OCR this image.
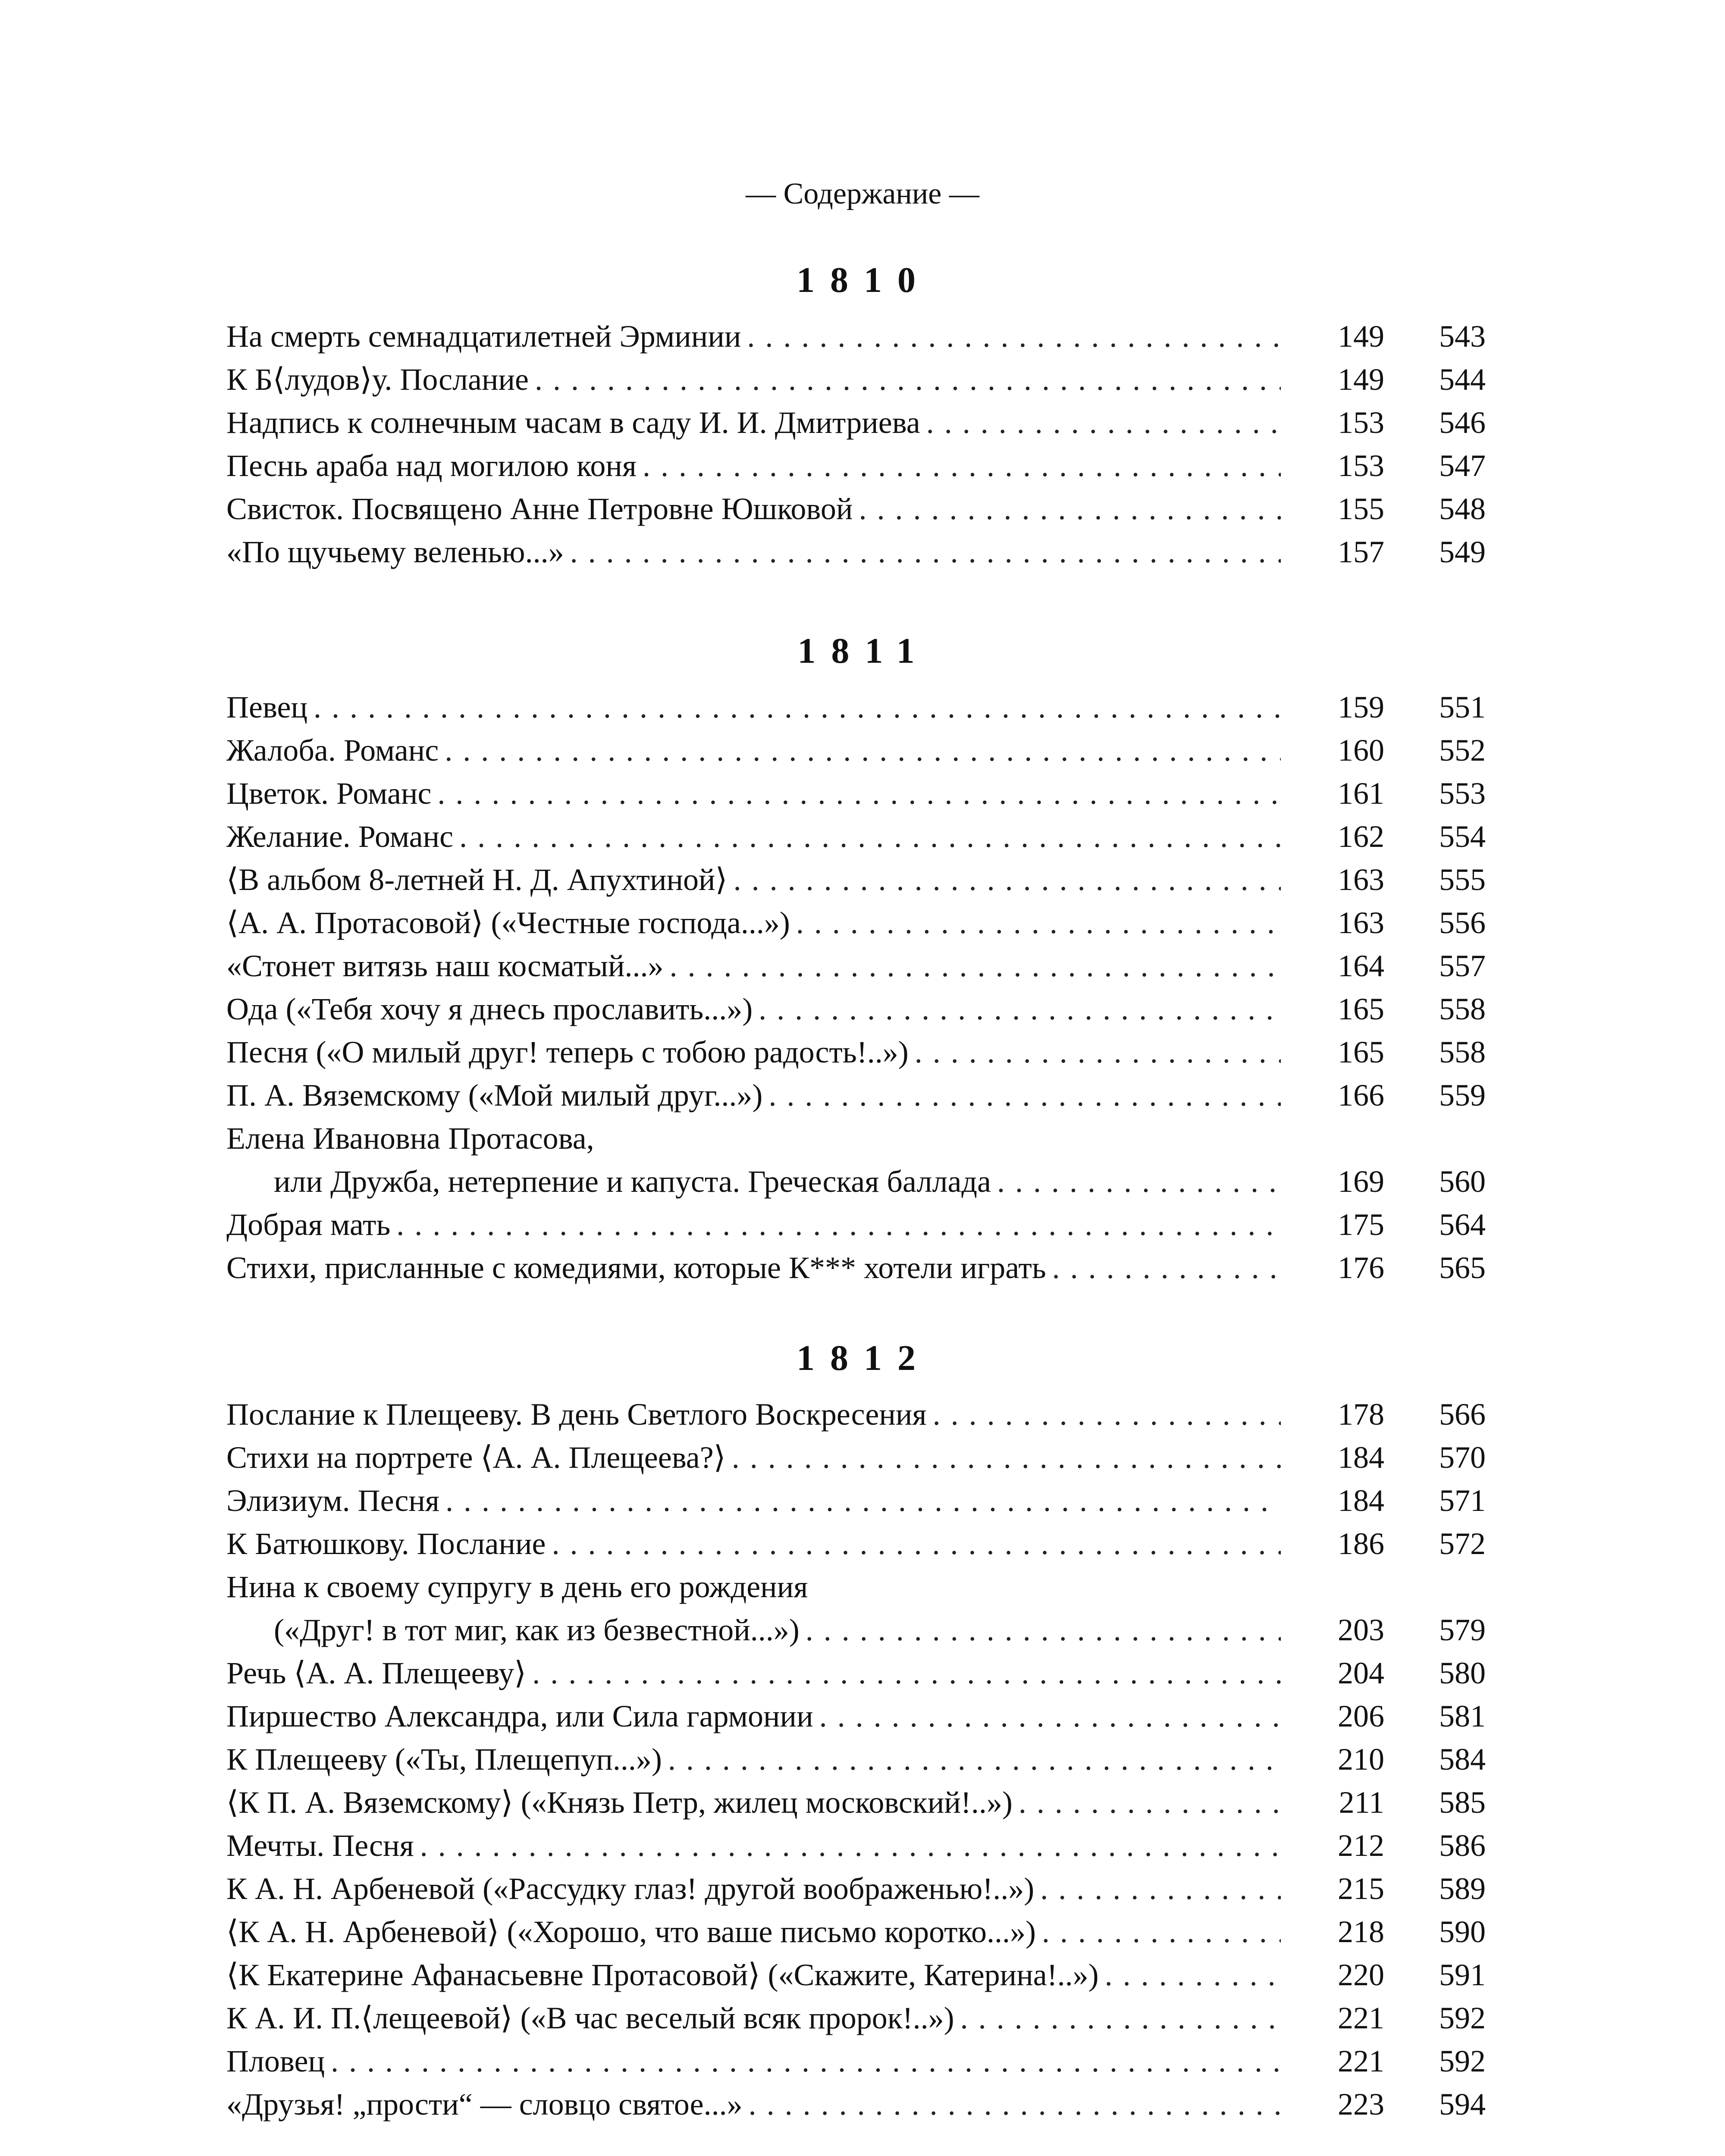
— Содержание —
1810
На смерть семнадцатилетней Эрминии . . .	149	543
К Б⟨лудов⟩у. Послание . . .	149	544
Надпись к солнечным часам в саду И. И. Дмитриева . . .	153	546
Песнь араба над могилою коня . . .	153	547
Свисток. Посвящено Анне Петровне Юшковой . . .	155	548
«По щучьему веленью...» . . .	157	549
1811
Певец . . .	159	551
Жалоба. Романс . . .	160	552
Цветок. Романс . . .	161	553
Желание. Романс . . .	162	554
⟨В альбом 8-летней Н. Д. Апухтиной⟩ . . .	163	555
⟨А. А. Протасовой⟩ («Честные господа...») . . .	163	556
«Стонет витязь наш косматый...» . . .	164	557
Ода («Тебя хочу я днесь прославить...») . . .	165	558
Песня («О милый друг! теперь с тобою радость!..») . . .	165	558
П. А. Вяземскому («Мой милый друг...») . . .	166	559
Елена Ивановна Протасова,
или Дружба, нетерпение и капуста. Греческая баллада . . .	169	560
Добрая мать . . .	175	564
Стихи, присланные с комедиями, которые К*** хотели играть . . .	176	565
1812
Послание к Плещееву. В день Светлого Воскресения . . .	178	566
Стихи на портрете ⟨А. А. Плещеева?⟩ . . .	184	570
Элизиум. Песня . . .	184	571
К Батюшкову. Послание . . .	186	572
Нина к своему супругу в день его рождения
(«Друг! в тот миг, как из безвестной...») . . .	203	579
Речь ⟨А. А. Плещееву⟩ . . .	204	580
Пиршество Александра, или Сила гармонии . . .	206	581
К Плещееву («Ты, Плещепуп...») . . .	210	584
⟨К П. А. Вяземскому⟩ («Князь Петр, жилец московский!..») . . .	211	585
Мечты. Песня . . .	212	586
К А. Н. Арбеневой («Рассудку глаз! другой воображенью!..») . . .	215	589
⟨К А. Н. Арбеневой⟩ («Хорошо, что ваше письмо коротко...») . . .	218	590
⟨К Екатерине Афанасьевне Протасовой⟩ («Скажите, Катерина!..») . . .	220	591
К А. И. П.⟨лещеевой⟩ («В час веселый всяк пророк!..») . . .	221	592
Пловец . . .	221	592
«Друзья! „прости“ — словцо святое...» . . .	223	594
